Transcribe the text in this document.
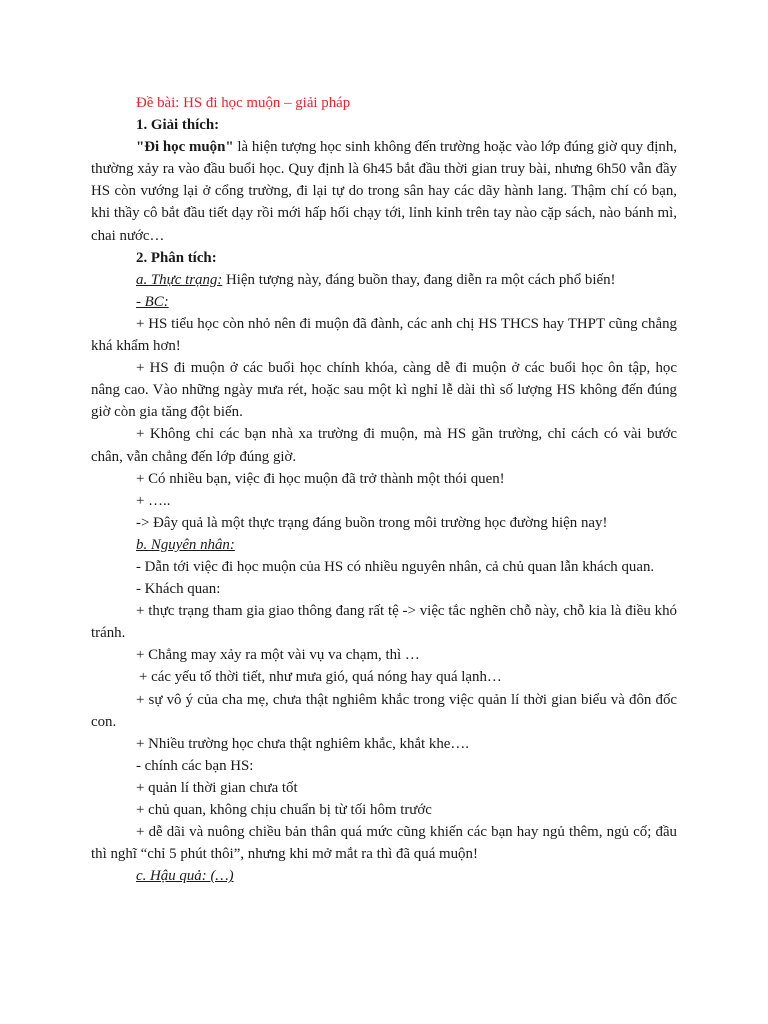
Đề bài: HS đi học muộn – giải pháp

1. Giải thích:

"Đi học muộn" là hiện tượng học sinh không đến trường hoặc vào lớp đúng giờ quy định, thường xảy ra vào đầu buổi học. Quy định là 6h45 bắt đầu thời gian truy bài, nhưng 6h50 vẫn đầy HS còn vướng lại ở cổng trường, đi lại tự do trong sân hay các dãy hành lang. Thậm chí có bạn, khi thầy cô bắt đầu tiết dạy rồi mới hấp hối chạy tới, lỉnh kỉnh trên tay nào cặp sách, nào bánh mì, chai nước…

2. Phân tích:

a. Thực trạng: Hiện tượng này, đáng buồn thay, đang diễn ra một cách phổ biến!

- BC:

+ HS tiểu học còn nhỏ nên đi muộn đã đành, các anh chị HS THCS hay THPT cũng chẳng khá khẩm hơn!

+ HS đi muộn ở các buổi học chính khóa, càng dễ đi muộn ở các buổi học ôn tập, học nâng cao. Vào những ngày mưa rét, hoặc sau một kì nghỉ lễ dài thì số lượng HS không đến đúng giờ còn gia tăng đột biến.

+ Không chỉ các bạn nhà xa trường đi muộn, mà HS gần trường, chỉ cách có vài bước chân, vẫn chẳng đến lớp đúng giờ.

+ Có nhiều bạn, việc đi học muộn đã trở thành một thói quen!

+ …..

-> Đây quả là một thực trạng đáng buồn trong môi trường học đường hiện nay!

b. Nguyên nhân:

- Dẫn tới việc đi học muộn của HS có nhiều nguyên nhân, cả chủ quan lẫn khách quan.

- Khách quan:

+ thực trạng tham gia giao thông đang rất tệ -> việc tắc nghẽn chỗ này, chỗ kia là điều khó tránh.

+ Chẳng may xảy ra một vài vụ va chạm, thì …

+ các yếu tố thời tiết, như mưa gió, quá nóng hay quá lạnh…

+ sự vô ý của cha mẹ, chưa thật nghiêm khắc trong việc quản lí thời gian biểu và đôn đốc con.

+ Nhiều trường học chưa thật nghiêm khắc, khắt khe….

- chính các bạn HS:

+ quản lí thời gian chưa tốt

+ chủ quan, không chịu chuẩn bị từ tối hôm trước

+ dễ dãi và nuông chiều bản thân quá mức cũng khiến các bạn hay ngủ thêm, ngủ cố; đầu thì nghĩ “chỉ 5 phút thôi”, nhưng khi mở mắt ra thì đã quá muộn!

c. Hậu quả: (…)
